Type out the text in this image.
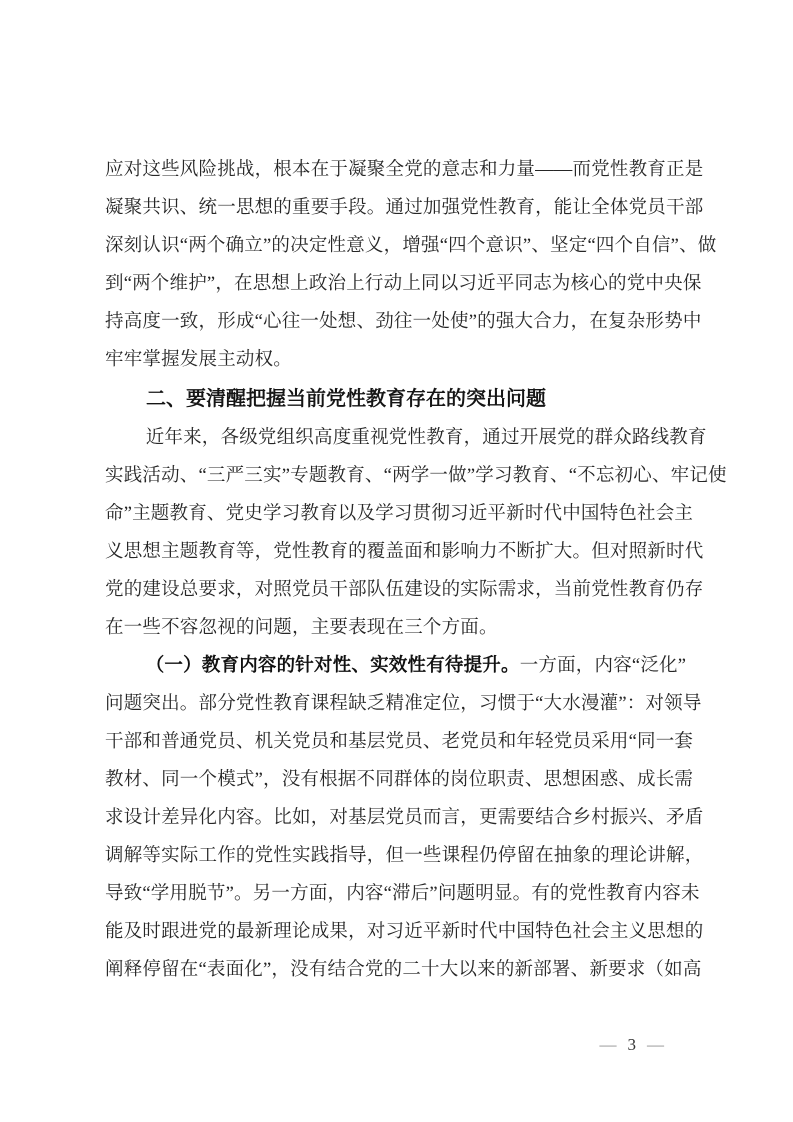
应对这些风险挑战，根本在于凝聚全党的意志和力量——而党性教育正是
凝聚共识、统一思想的重要手段。通过加强党性教育，能让全体党员干部
深刻认识“两个确立”的决定性意义，增强“四个意识”、坚定“四个自信”、做
到“两个维护”，在思想上政治上行动上同以习近平同志为核心的党中央保
持高度一致，形成“心往一处想、劲往一处使”的强大合力，在复杂形势中
牢牢掌握发展主动权。
二、要清醒把握当前党性教育存在的突出问题
近年来，各级党组织高度重视党性教育，通过开展党的群众路线教育
实践活动、“三严三实”专题教育、“两学一做”学习教育、“不忘初心、牢记使
命”主题教育、党史学习教育以及学习贯彻习近平新时代中国特色社会主
义思想主题教育等，党性教育的覆盖面和影响力不断扩大。但对照新时代
党的建设总要求，对照党员干部队伍建设的实际需求，当前党性教育仍存
在一些不容忽视的问题，主要表现在三个方面。
（一）教育内容的针对性、实效性有待提升。一方面，内容“泛化”
问题突出。部分党性教育课程缺乏精准定位，习惯于“大水漫灌”：对领导
干部和普通党员、机关党员和基层党员、老党员和年轻党员采用“同一套
教材、同一个模式”，没有根据不同群体的岗位职责、思想困惑、成长需
求设计差异化内容。比如，对基层党员而言，更需要结合乡村振兴、矛盾
调解等实际工作的党性实践指导，但一些课程仍停留在抽象的理论讲解，
导致“学用脱节”。另一方面，内容“滞后”问题明显。有的党性教育内容未
能及时跟进党的最新理论成果，对习近平新时代中国特色社会主义思想的
阐释停留在“表面化”，没有结合党的二十大以来的新部署、新要求（如高
— 3 —
